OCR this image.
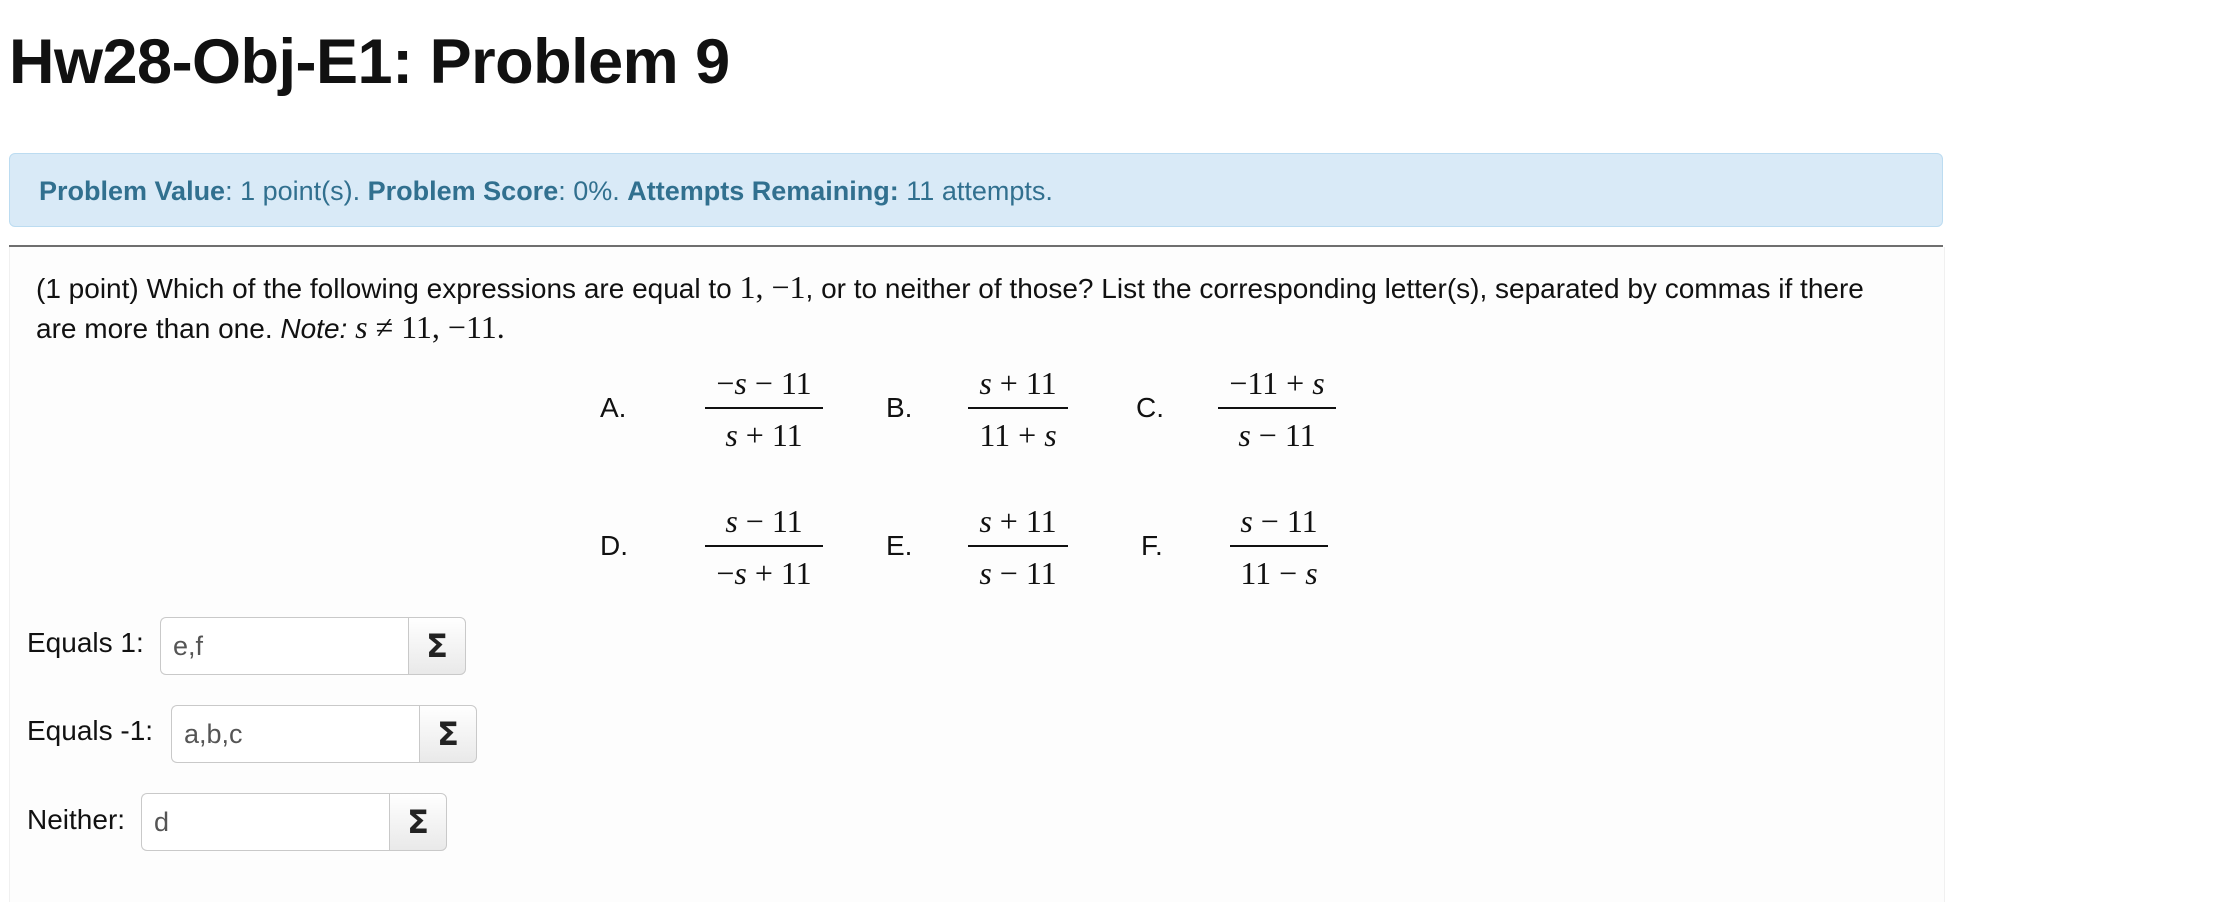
Hw28-Obj-E1: Problem 9
Problem Value: 1 point(s). Problem Score: 0%. Attempts Remaining: 11 attempts.
(1 point) Which of the following expressions are equal to 1, −1, or to neither of those? List the corresponding letter(s), separated by commas if there
are more than one. Note: s ≠ 11, −11.
A.
−s − 11
s + 11
B.
s + 11
11 + s
C.
−11 + s
s − 11
D.
s − 11
−s + 11
E.
s + 11
s − 11
F.
s − 11
11 − s
Equals 1:
e,f	Σ
Equals -1:
a,b,c	Σ
Neither:
d	Σ
